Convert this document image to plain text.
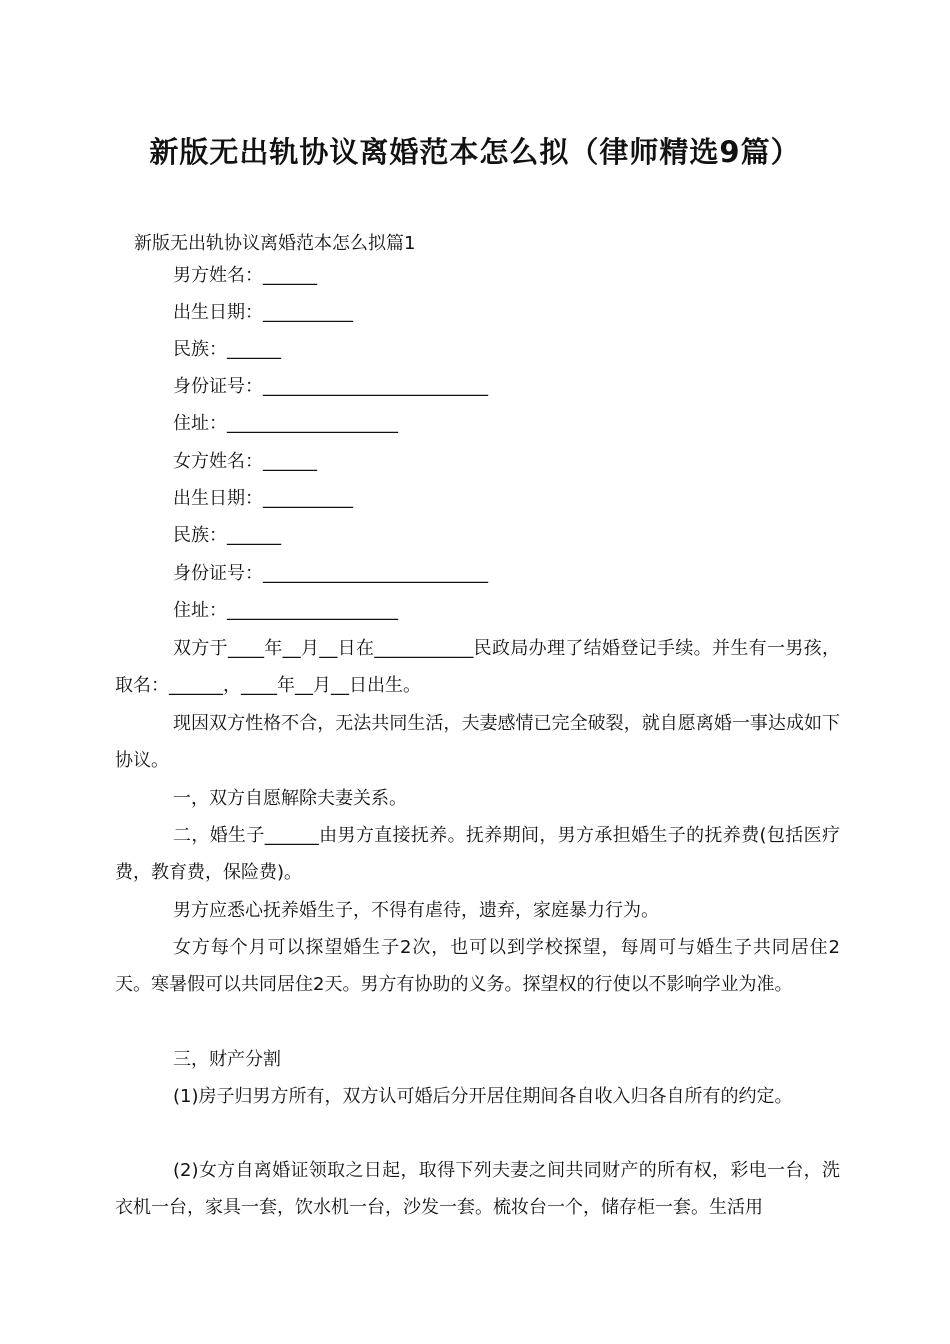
新版无出轨协议离婚范本怎么拟（律师精选9篇）

新版无出轨协议离婚范本怎么拟篇1

男方姓名：______
出生日期：__________
民族：______
身份证号：_________________________
住址：___________________
女方姓名：______
出生日期：__________
民族：______
身份证号：_________________________
住址：___________________

双方于____年__月__日在___________民政局办理了结婚登记手续。并生有一男孩，取名：______，____年__月__日出生。

现因双方性格不合，无法共同生活，夫妻感情已完全破裂，就自愿离婚一事达成如下协议。

一，双方自愿解除夫妻关系。

二，婚生子______由男方直接抚养。抚养期间，男方承担婚生子的抚养费(包括医疗费，教育费，保险费)。

男方应悉心抚养婚生子，不得有虐待，遗弃，家庭暴力行为。

女方每个月可以探望婚生子2次，也可以到学校探望，每周可与婚生子共同居住2天。寒暑假可以共同居住2天。男方有协助的义务。探望权的行使以不影响学业为准。

三，财产分割

(1)房子归男方所有，双方认可婚后分开居住期间各自收入归各自所有的约定。

(2)女方自离婚证领取之日起，取得下列夫妻之间共同财产的所有权，彩电一台，洗衣机一台，家具一套，饮水机一台，沙发一套。梳妆台一个，储存柜一套。生活用
